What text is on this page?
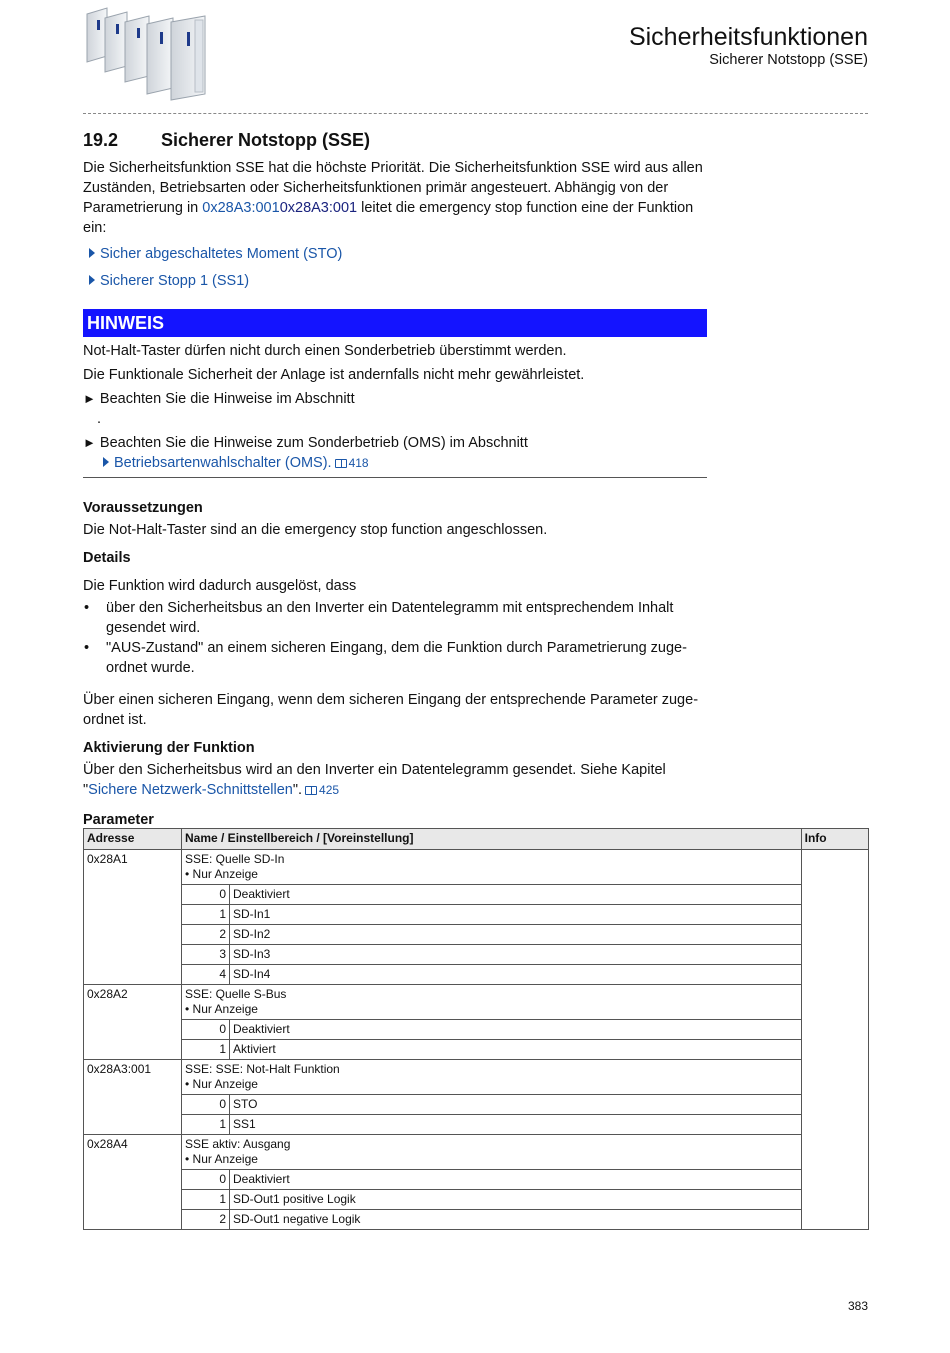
Sicherheitsfunktionen
Sicherer Notstopp (SSE)
19.2	Sicherer Notstopp (SSE)

Die Sicherheitsfunktion SSE hat die höchste Priorität. Die Sicherheitsfunktion SSE wird aus allen Zuständen, Betriebsarten oder Sicherheitsfunktionen primär angesteuert. Abhängig von der Parametrierung in 0x28A3:0010x28A3:001 leitet die emergency stop function eine der Funktion ein:

Sicher abgeschaltetes Moment (STO)
Sicherer Stopp 1 (SS1)
HINWEIS

Not-Halt-Taster dürfen nicht durch einen Sonderbetrieb überstimmt werden.

Die Funktionale Sicherheit der Anlage ist andernfalls nicht mehr gewährleistet.

► Beachten Sie die Hinweise im Abschnitt
.
► Beachten Sie die Hinweise zum Sonderbetrieb (OMS) im Abschnitt
Betriebsartenwahlschalter (OMS). 418
Voraussetzungen

Die Not-Halt-Taster sind an die emergency stop function angeschlossen.

Details

Die Funktion wird dadurch ausgelöst, dass

• über den Sicherheitsbus an den Inverter ein Datentelegramm mit entsprechendem Inhalt gesendet wird.
• "AUS-Zustand" an einem sicheren Eingang, dem die Funktion durch Parametrierung zuge-ordnet wurde.

Über einen sicheren Eingang, wenn dem sicheren Eingang der entsprechende Parameter zuge-ordnet ist.

Aktivierung der Funktion

Über den Sicherheitsbus wird an den Inverter ein Datentelegramm gesendet. Siehe Kapitel "Sichere Netzwerk-Schnittstellen". 425

Parameter
Adresse	Name / Einstellbereich / [Voreinstellung]		Info
0x28A1	SSE: Quelle SD-In
• Nur Anzeige		

	0	Deaktiviert	
	1	SD-In1	
	2	SD-In2	
	3	SD-In3	
	4	SD-In4	
0x28A2	SSE: Quelle S-Bus
• Nur Anzeige		

	0	Deaktiviert	
	1	Aktiviert	
0x28A3:001	SSE: SSE: Not-Halt Funktion
• Nur Anzeige		

	0	STO	
	1	SS1	
0x28A4	SSE aktiv: Ausgang
• Nur Anzeige		

	0	Deaktiviert	
	1	SD-Out1 positive Logik	
	2	SD-Out1 negative Logik	
383
